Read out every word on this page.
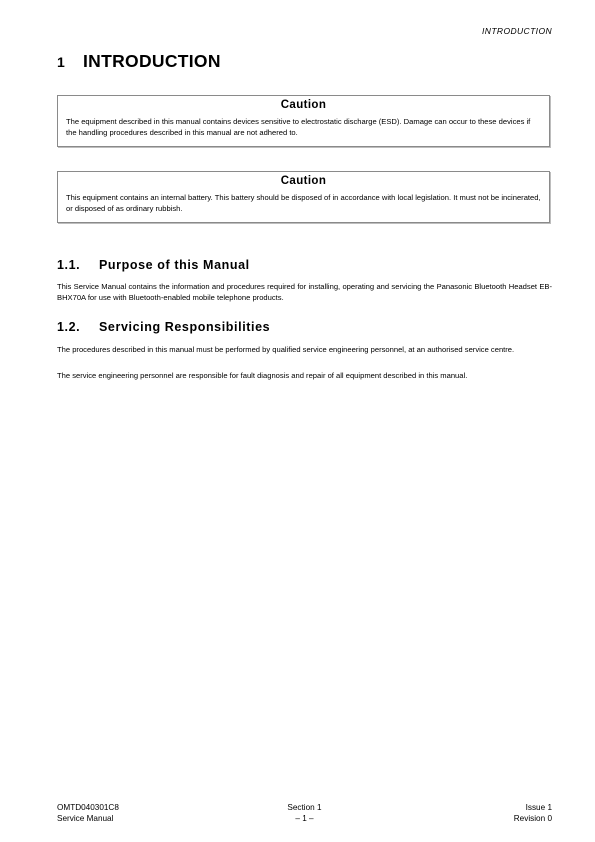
INTRODUCTION
1	INTRODUCTION
Caution

The equipment described in this manual contains devices sensitive to electrostatic discharge (ESD). Damage can occur to these devices if the handling procedures described in this manual are not adhered to.

Caution

This equipment contains an internal battery. This battery should be disposed of in accordance with local legislation. It must not be incinerated, or disposed of as ordinary rubbish.

1.1.	Purpose of this Manual

This Service Manual contains the information and procedures required for installing, operating and servicing the Panasonic Bluetooth Headset EB-BHX70A for use with Bluetooth-enabled mobile telephone products.

1.2.	Servicing Responsibilities

The procedures described in this manual must be performed by qualified service engineering personnel, at an authorised service centre.

The service engineering personnel are responsible for fault diagnosis and repair of all equipment described in this manual.

OMTD040301C8
Service Manual
Section 1
– 1 –
Issue 1
Revision 0
